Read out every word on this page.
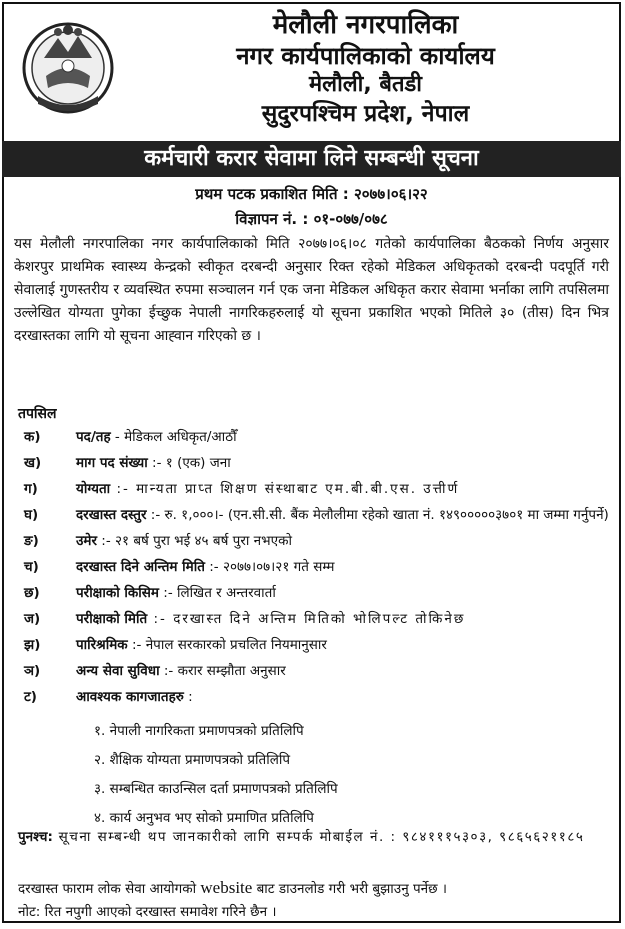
मेलौली नगरपालिका
नगर कार्यपालिकाको कार्यालय
मेलौली, बैतडी
सुदुरपश्चिम प्रदेश, नेपाल
कर्मचारी करार सेवामा लिने सम्बन्धी सूचना
प्रथम पटक प्रकाशित मिति : २०७७।०६।२२
विज्ञापन नं. : ०१-०७७/०७८
यस मेलौली नगरपालिका नगर कार्यपालिकाको मिति २०७७।०६।०८ गतेको कार्यपालिका बैठकको निर्णय अनुसार केशरपुर प्राथमिक स्वास्थ्य केन्द्रको स्वीकृत दरबन्दी अनुसार रिक्त रहेको मेडिकल अधिकृतको दरबन्दी पदपूर्ति गरी सेवालाई गुणस्तरीय र व्यवस्थित रुपमा सञ्चालन गर्न एक जना मेडिकल अधिकृत करार सेवामा भर्नाका लागि तपसिलमा उल्लेखित योग्यता पुगेका ईच्छुक नेपाली नागरिकहरुलाई यो सूचना प्रकाशित भएको मितिले ३० (तीस) दिन भित्र दरखास्तका लागि यो सूचना आह्‍वान गरिएको छ ।
तपसिल
क)	पद/तह - मेडिकल अधिकृत/आठौँ
ख)	माग पद संख्या :- १ (एक) जना
ग)	योग्यता :- मान्यता प्राप्त शिक्षण संस्थाबाट एम.बी.बी.एस. उत्तीर्ण
घ)	दरखास्त दस्तुर :- रु. १,०००।- (एन.सी.सी. बैंक मेलौलीमा रहेको खाता नं. १४९०००००३७०१ मा जम्मा गर्नुपर्ने)
ङ)	उमेर :- २१ बर्ष पुरा भई ४५ बर्ष पुरा नभएको
च)	दरखास्त दिने अन्तिम मिति :- २०७७।०७।२१ गते सम्म
छ)	परीक्षाको किसिम :- लिखित र अन्तरवार्ता
ज)	परीक्षाको मिति :- दरखास्त दिने अन्तिम मितिको भोलिपल्ट तोकिनेछ
झ)	पारिश्रमिक :- नेपाल सरकारको प्रचलित नियमानुसार
ञ)	अन्य सेवा सुविधा :- करार सम्झौता अनुसार
ट)	आवश्यक कागजातहरु :
१. नेपाली नागरिकता प्रमाणपत्रको प्रतिलिपि
२. शैक्षिक योग्यता प्रमाणपत्रको प्रतिलिपि
३. सम्बन्धित काउन्सिल दर्ता प्रमाणपत्रको प्रतिलिपि
४. कार्य अनुभव भए सोको प्रमाणित प्रतिलिपि
पुनश्च: सूचना सम्बन्धी थप जानकारीको लागि सम्पर्क मोबाईल नं. : ९८४१११५३०३, ९८६५६२११८५
दरखास्त फाराम लोक सेवा आयोगको website बाट डाउनलोड गरी भरी बुझाउनु पर्नेछ ।
नोट: रित नपुगी आएको दरखास्त समावेश गरिने छैन ।
